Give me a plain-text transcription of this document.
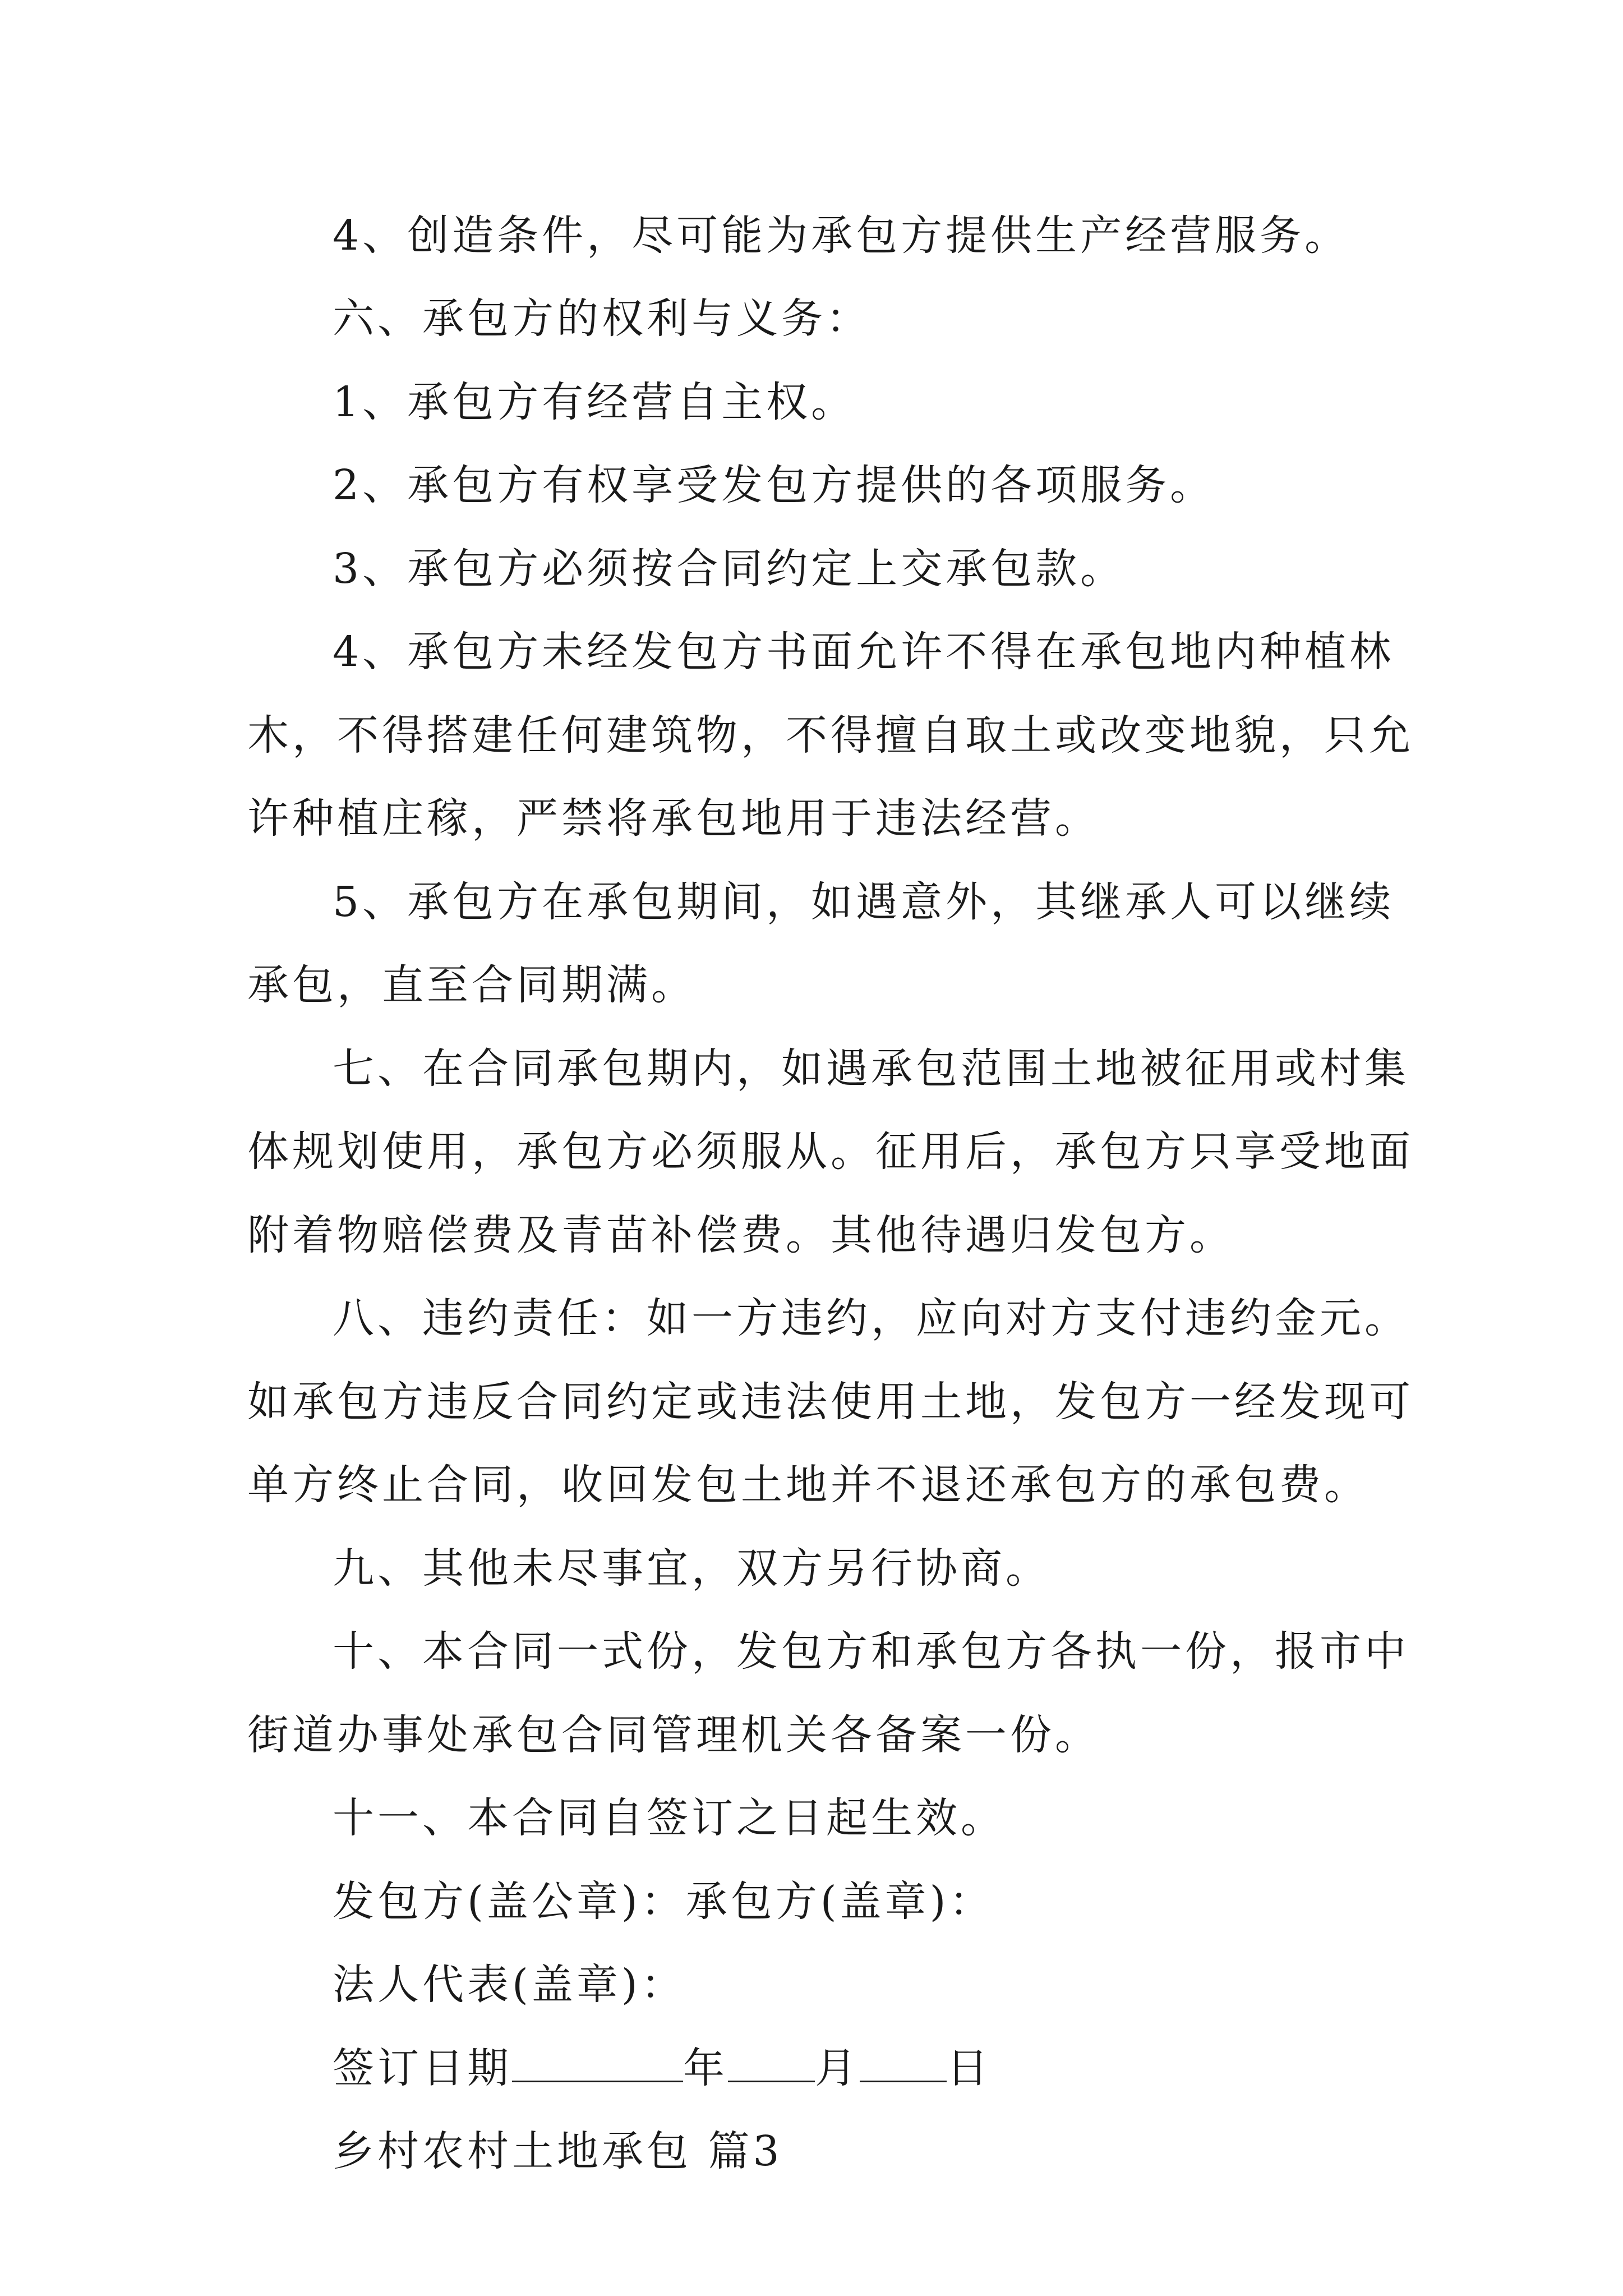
4、创造条件，尽可能为承包方提供生产经营服务。
六、承包方的权利与义务：
1、承包方有经营自主权。
2、承包方有权享受发包方提供的各项服务。
3、承包方必须按合同约定上交承包款。
4、承包方未经发包方书面允许不得在承包地内种植林
木，不得搭建任何建筑物，不得擅自取土或改变地貌，只允
许种植庄稼，严禁将承包地用于违法经营。
5、承包方在承包期间，如遇意外，其继承人可以继续
承包，直至合同期满。
七、在合同承包期内，如遇承包范围土地被征用或村集
体规划使用，承包方必须服从。征用后，承包方只享受地面
附着物赔偿费及青苗补偿费。其他待遇归发包方。
八、违约责任：如一方违约，应向对方支付违约金元。
如承包方违反合同约定或违法使用土地，发包方一经发现可
单方终止合同，收回发包土地并不退还承包方的承包费。
九、其他未尽事宜，双方另行协商。
十、本合同一式份，发包方和承包方各执一份，报市中
街道办事处承包合同管理机关各备案一份。
十一、本合同自签订之日起生效。
发包方(盖公章)：承包方(盖章)：
法人代表(盖章)：
签订日期	年 月 日
乡村农村土地承包 篇3
